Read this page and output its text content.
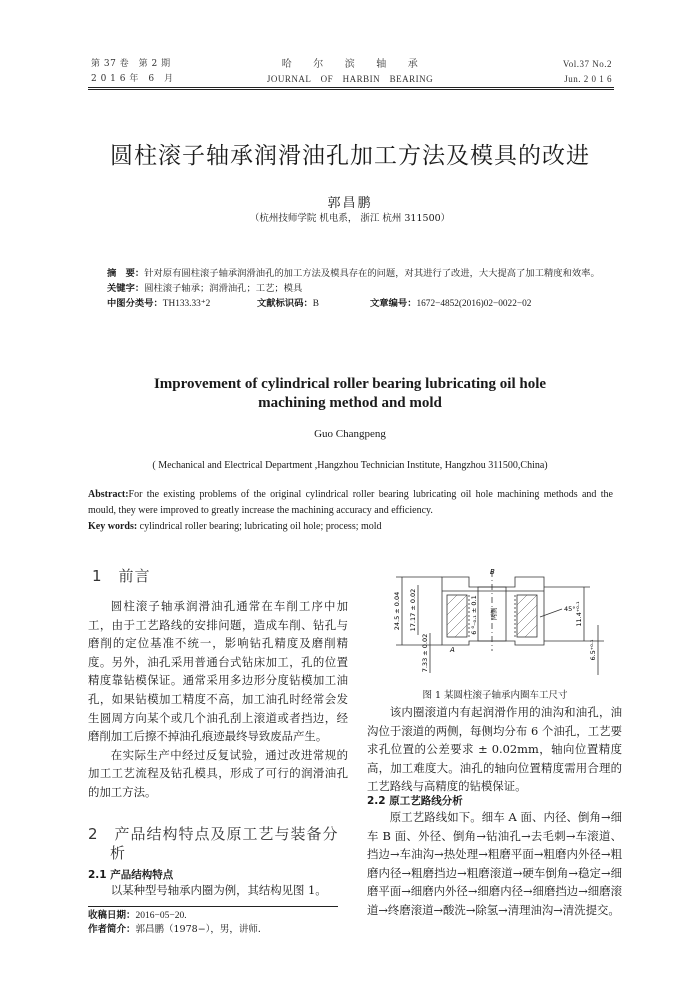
第 37 卷　第 2 期
2 0 1 6 年　6　月
哈　　尔　　滨　　轴　　承
JOURNAL　OF　HARBIN　BEARING
Vol.37 No.2
Jun. 2 0 1 6
圆柱滚子轴承润滑油孔加工方法及模具的改进
郭昌鹏
（杭州技师学院 机电系， 浙江 杭州 311500）
摘　要：针对原有圆柱滚子轴承润滑油孔的加工方法及模具存在的问题，对其进行了改进，大大提高了加工精度和效率。
关键字：圆柱滚子轴承；润滑油孔；工艺；模具
中图分类号：TH133.33⁺2	文献标识码：B	文章编号：1672−4852(2016)02−0022−02
Improvement of cylindrical roller bearing lubricating oil hole
machining method and mold
Guo Changpeng
( Mechanical and Electrical Department ,Hangzhou Technician Institute, Hangzhou 311500,China)
Abstract:For the existing problems of the original cylindrical roller bearing lubricating oil hole machining methods and the mould, they were improved to greatly increase the machining accuracy and efficiency.
Key words: cylindrical roller bearing; lubricating oil hole; process; mold
1　前言

圆柱滚子轴承润滑油孔通常在车削工序中加工，由于工艺路线的安排问题，造成车削、钻孔与磨削的定位基准不统一，影响钻孔精度及磨削精度。另外，油孔采用普通台式钻床加工，孔的位置精度靠钻模保证。通常采用多边形分度钻模加工油孔，如果钻模加工精度不高，加工油孔时经常会发生圆周方向某个或几个油孔刮上滚道或者挡边，经磨削加工后擦不掉油孔痕迹最终导致废品产生。

在实际生产中经过反复试验，通过改进常规的加工工艺流程及钻孔模具，形成了可行的润滑油孔的加工方法。

2　产品结构特点及原工艺与装备分
析
2.1 产品结构特点

以某种型号轴承内圈为例，其结构见图 1。

收稿日期：2016−05−20.
作者简介：郭昌鹏（1978−），男，讲师．
24.5 ± 0.04 17.17 ± 0.02
7.33 ± 0.02
6 ⁰₋₀.₁ ± 0.1 两侧
B
A
45° 11.4⁺⁰·¹
6.5⁺⁰·¹
图 1 某圆柱滚子轴承内圈车工尺寸

该内圈滚道内有起润滑作用的油沟和油孔，油沟位于滚道的两侧，每侧均分布 6 个油孔，工艺要求孔位置的公差要求 ± 0.02mm，轴向位置精度高，加工难度大。油孔的轴向位置精度需用合理的工艺路线与高精度的钻模保证。

2.2 原工艺路线分析

原工艺路线如下。细车 A 面、内径、倒角→细车 B 面、外径、倒角→钻油孔→去毛刺→车滚道、挡边→车油沟→热处理→粗磨平面→粗磨内外径→粗磨内径→粗磨挡边→粗磨滚道→硬车倒角→稳定→细磨平面→细磨内外径→细磨内径→细磨挡边→细磨滚道→终磨滚道→酸洗→除氢→清理油沟→清洗提交。
